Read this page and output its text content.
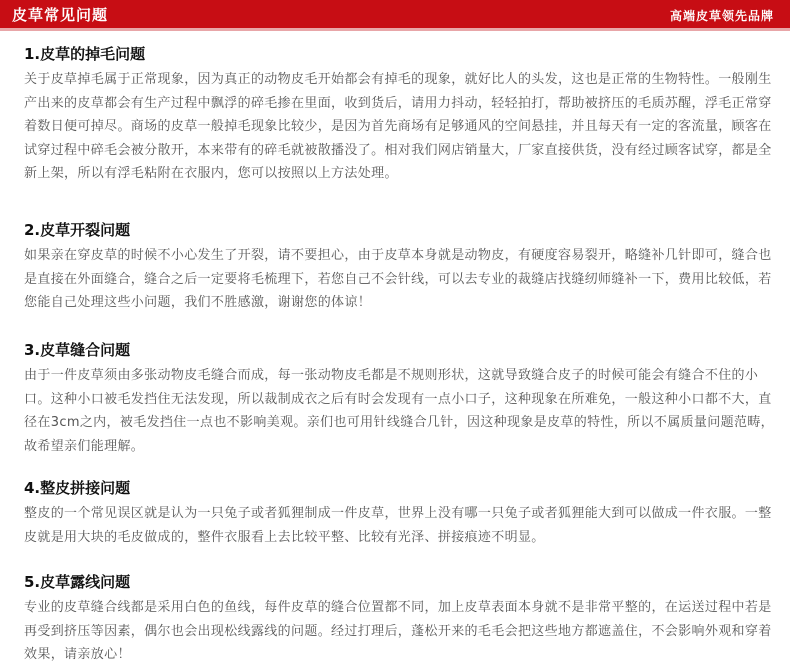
皮草常见问题	高端皮草领先品牌
1.皮草的掉毛问题
关于皮草掉毛属于正常现象，因为真正的动物皮毛开始都会有掉毛的现象，就好比人的头发，这也是正常的生物特性。一般刚生产出来的皮草都会有生产过程中飘浮的碎毛掺在里面，收到货后，请用力抖动，轻轻拍打，帮助被挤压的毛质苏醒，浮毛正常穿着数日便可掉尽。商场的皮草一般掉毛现象比较少，是因为首先商场有足够通风的空间悬挂，并且每天有一定的客流量，顾客在试穿过程中碎毛会被分散开，本来带有的碎毛就被散播没了。相对我们网店销量大，厂家直接供货，没有经过顾客试穿，都是全新上架，所以有浮毛粘附在衣服内，您可以按照以上方法处理。
2.皮草开裂问题
如果亲在穿皮草的时候不小心发生了开裂，请不要担心，由于皮草本身就是动物皮，有硬度容易裂开，略缝补几针即可，缝合也是直接在外面缝合，缝合之后一定要将毛梳理下，若您自己不会针线，可以去专业的裁缝店找缝纫师缝补一下，费用比较低，若您能自己处理这些小问题，我们不胜感激，谢谢您的体谅！
3.皮草缝合问题
由于一件皮草须由多张动物皮毛缝合而成，每一张动物皮毛都是不规则形状，这就导致缝合皮子的时候可能会有缝合不住的小口。这种小口被毛发挡住无法发现，所以裁制成衣之后有时会发现有一点小口子，这种现象在所难免，一般这种小口都不大，直径在3cm之内，被毛发挡住一点也不影响美观。亲们也可用针线缝合几针，因这种现象是皮草的特性，所以不属质量问题范畴，故希望亲们能理解。
4.整皮拼接问题
整皮的一个常见误区就是认为一只兔子或者狐狸制成一件皮草，世界上没有哪一只兔子或者狐狸能大到可以做成一件衣服。一整皮就是用大块的毛皮做成的，整件衣服看上去比较平整、比较有光泽、拼接痕迹不明显。
5.皮草露线问题
专业的皮草缝合线都是采用白色的鱼线，每件皮草的缝合位置都不同，加上皮草表面本身就不是非常平整的，在运送过程中若是再受到挤压等因素，偶尔也会出现松线露线的问题。经过打理后，蓬松开来的毛毛会把这些地方都遮盖住，不会影响外观和穿着效果，请亲放心！
